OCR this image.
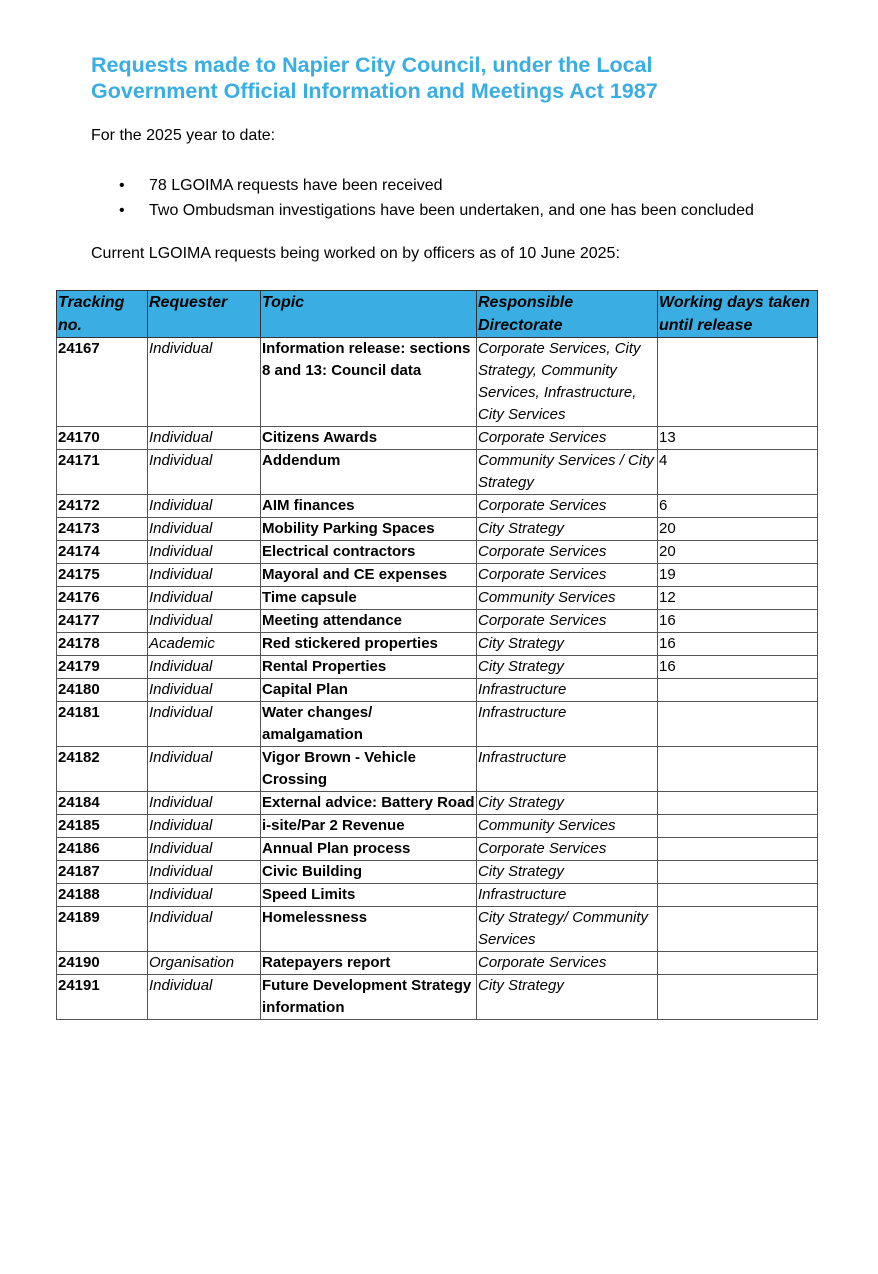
Requests made to Napier City Council, under the Local
Government Official Information and Meetings Act 1987

For the 2025 year to date:

• 78 LGOIMA requests have been received
• Two Ombudsman investigations have been undertaken, and one has been concluded

Current LGOIMA requests being worked on by officers as of 10 June 2025:

Tracking no.	Requester	Topic	Responsible Directorate	Working days taken until release
24167	Individual	Information release: sections 8 and 13: Council data	Corporate Services, City Strategy, Community Services, Infrastructure, City Services	
24170	Individual	Citizens Awards	Corporate Services	13
24171	Individual	Addendum	Community Services / City Strategy	4
24172	Individual	AIM finances	Corporate Services	6
24173	Individual	Mobility Parking Spaces	City Strategy	20
24174	Individual	Electrical contractors	Corporate Services	20
24175	Individual	Mayoral and CE expenses	Corporate Services	19
24176	Individual	Time capsule	Community Services	12
24177	Individual	Meeting attendance	Corporate Services	16
24178	Academic	Red stickered properties	City Strategy	16
24179	Individual	Rental Properties	City Strategy	16
24180	Individual	Capital Plan	Infrastructure	
24181	Individual	Water changes/ amalgamation	Infrastructure	
24182	Individual	Vigor Brown - Vehicle Crossing	Infrastructure	
24184	Individual	External advice: Battery Road	City Strategy	
24185	Individual	i-site/Par 2 Revenue	Community Services	
24186	Individual	Annual Plan process	Corporate Services	
24187	Individual	Civic Building	City Strategy	
24188	Individual	Speed Limits	Infrastructure	
24189	Individual	Homelessness	City Strategy/ Community Services	
24190	Organisation	Ratepayers report	Corporate Services	
24191	Individual	Future Development Strategy information	City Strategy	
